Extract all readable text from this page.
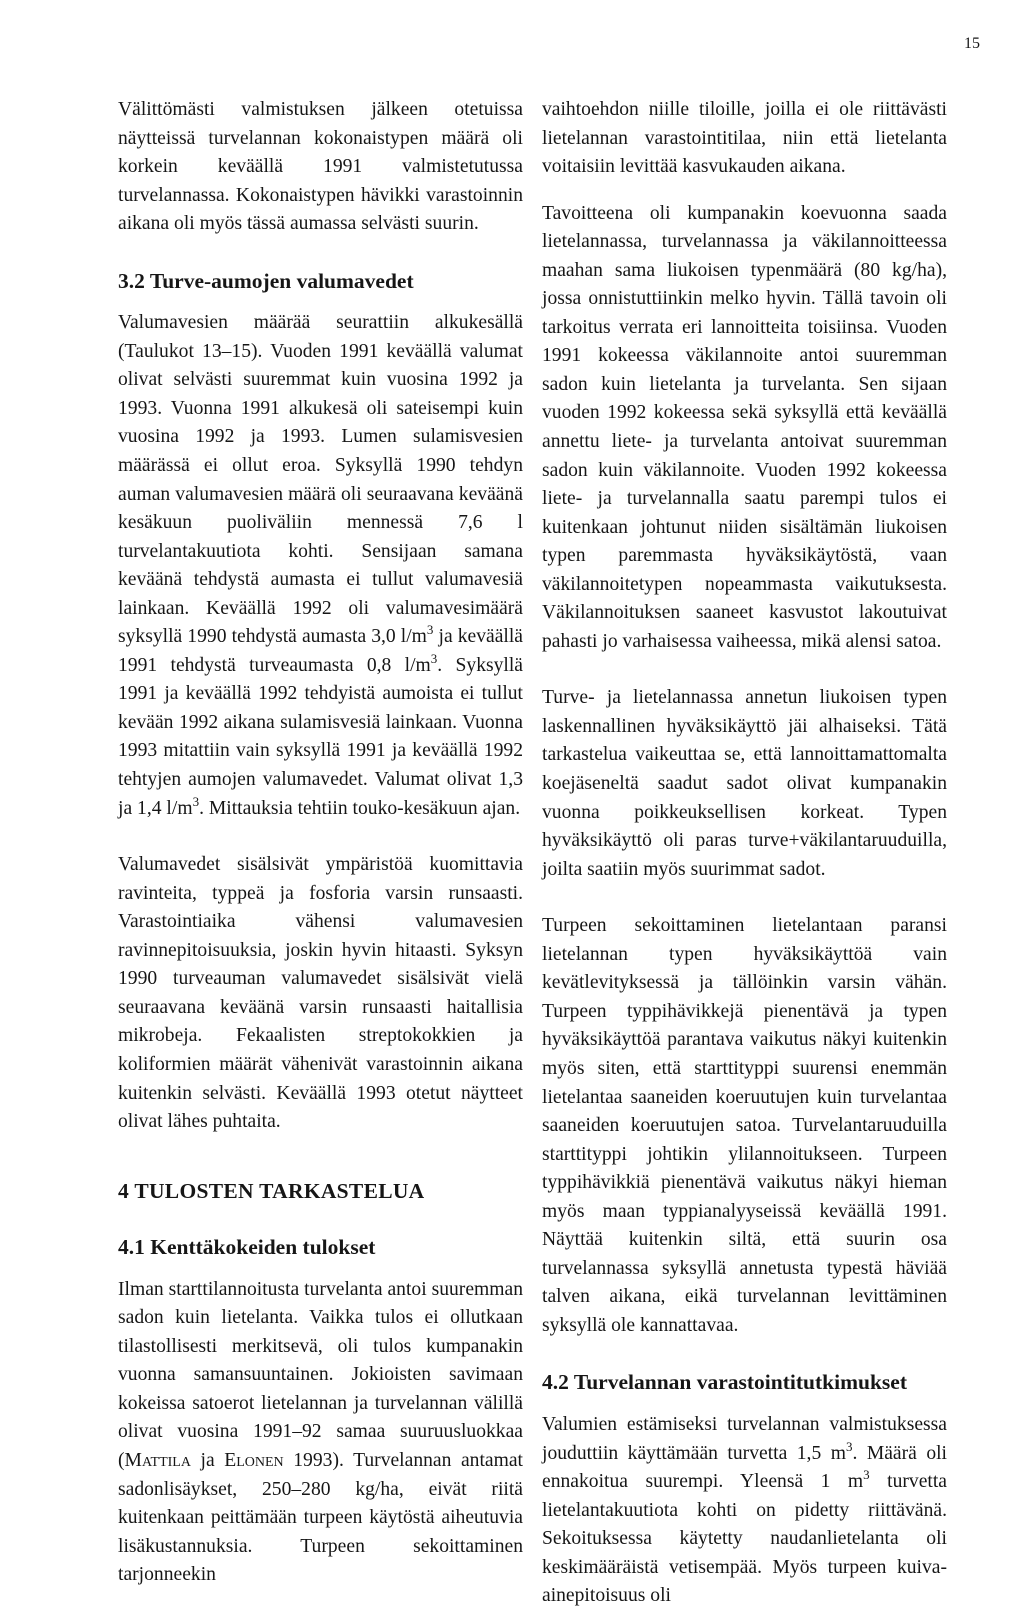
15

Välittömästi valmistuksen jälkeen otetuissa näytteissä turvelannan kokonaistypen määrä oli korkein keväällä 1991 valmistetutussa turvelannassa. Kokonaistypen hävikki varastoinnin aikana oli myös tässä aumassa selvästi suurin.

3.2 Turve-aumojen valumavedet

Valumavesien määrää seurattiin alkukesällä (Taulukot 13–15). Vuoden 1991 keväällä valumat olivat selvästi suuremmat kuin vuosina 1992 ja 1993. Vuonna 1991 alkukesä oli sateisempi kuin vuosina 1992 ja 1993. Lumen sulamisvesien määrässä ei ollut eroa. Syksyllä 1990 tehdyn auman valumavesien määrä oli seuraavana keväänä kesäkuun puoliväliin mennessä 7,6 l turvelantakuutiota kohti. Sensijaan samana keväänä tehdystä aumasta ei tullut valumavesiä lainkaan. Keväällä 1992 oli valumavesimäärä syksyllä 1990 tehdystä aumasta 3,0 $l/m^3$ ja keväällä 1991 tehdystä turveaumasta 0,8 $l/m^3$. Syksyllä 1991 ja keväällä 1992 tehdyistä aumoista ei tullut kevään 1992 aikana sulamisvesiä lainkaan. Vuonna 1993 mitattiin vain syksyllä 1991 ja keväällä 1992 tehtyjen aumojen valumavedet. Valumat olivat 1,3 ja 1,4 $l/m^3$. Mittauksia tehtiin touko-kesäkuun ajan.

Valumavedet sisälsivät ympäristöä kuomittavia ravinteita, typpeä ja fosforia varsin runsaasti. Varastointiaika vähensi valumavesien ravinnepitoisuuksia, joskin hyvin hitaasti. Syksyn 1990 turveauman valumavedet sisälsivät vielä seuraavana keväänä varsin runsaasti haitallisia mikrobeja. Fekaalisten streptokokkien ja koliformien määrät vähenivät varastoinnin aikana kuitenkin selvästi. Keväällä 1993 otetut näytteet olivat lähes puhtaita.

4 TULOSTEN TARKASTELUA
4.1 Kenttäkokeiden tulokset

Ilman starttilannoitusta turvelanta antoi suuremman sadon kuin lietelanta. Vaikka tulos ei ollutkaan tilastollisesti merkitsevä, oli tulos kumpanakin vuonna samansuuntainen. Jokioisten savimaan kokeissa satoerot lietelannan ja turvelannan välillä olivat vuosina 1991–92 samaa suuruusluokkaa (Mattila ja Elonen 1993). Turvelannan antamat sadonlisäykset, 250–280 kg/ha, eivät riitä kuitenkaan peittämään turpeen käytöstä aiheutuvia lisäkustannuksia. Turpeen sekoittaminen tarjonneekin

vaihtoehdon niille tiloille, joilla ei ole riittävästi lietelannan varastointitilaa, niin että lietelanta voitaisiin levittää kasvukauden aikana.

Tavoitteena oli kumpanakin koevuonna saada lietelannassa, turvelannassa ja väkilannoitteessa maahan sama liukoisen typenmäärä (80 kg/ha), jossa onnistuttiinkin melko hyvin. Tällä tavoin oli tarkoitus verrata eri lannoitteita toisiinsa. Vuoden 1991 kokeessa väkilannoite antoi suuremman sadon kuin lietelanta ja turvelanta. Sen sijaan vuoden 1992 kokeessa sekä syksyllä että keväällä annettu liete- ja turvelanta antoivat suuremman sadon kuin väkilannoite. Vuoden 1992 kokeessa liete- ja turvelannalla saatu parempi tulos ei kuitenkaan johtunut niiden sisältämän liukoisen typen paremmasta hyväksikäytöstä, vaan väkilannoitetypen nopeammasta vaikutuksesta. Väkilannoituksen saaneet kasvustot lakoutuivat pahasti jo varhaisessa vaiheessa, mikä alensi satoa.

Turve- ja lietelannassa annetun liukoisen typen laskennallinen hyväksikäyttö jäi alhaiseksi. Tätä tarkastelua vaikeuttaa se, että lannoittamattomalta koejäseneltä saadut sadot olivat kumpanakin vuonna poikkeuksellisen korkeat. Typen hyväksikäyttö oli paras turve+väkilantaruuduilla, joilta saatiin myös suurimmat sadot.

Turpeen sekoittaminen lietelantaan paransi lietelannan typen hyväksikäyttöä vain kevätlevityksessä ja tällöinkin varsin vähän. Turpeen typpihävikkejä pienentävä ja typen hyväksikäyttöä parantava vaikutus näkyi kuitenkin myös siten, että starttityppi suurensi enemmän lietelantaa saaneiden koeruutujen kuin turvelantaa saaneiden koeruutujen satoa. Turvelantaruuduilla starttityppi johtikin ylilannoitukseen. Turpeen typpihävikkiä pienentävä vaikutus näkyi hieman myös maan typpianalyyseissä keväällä 1991. Näyttää kuitenkin siltä, että suurin osa turvelannassa syksyllä annetusta typestä häviää talven aikana, eikä turvelannan levittäminen syksyllä ole kannattavaa.

4.2 Turvelannan varastointitutkimukset

Valumien estämiseksi turvelannan valmistuksessa jouduttiin käyttämään turvetta 1,5 $m^3$. Määrä oli ennakoitua suurempi. Yleensä 1 $m^3$ turvetta lietelantakuutiota kohti on pidetty riittävänä. Sekoituksessa käytetty naudanlietelanta oli keskimääräistä vetisempää. Myös turpeen kuiva-ainepitoisuus oli
